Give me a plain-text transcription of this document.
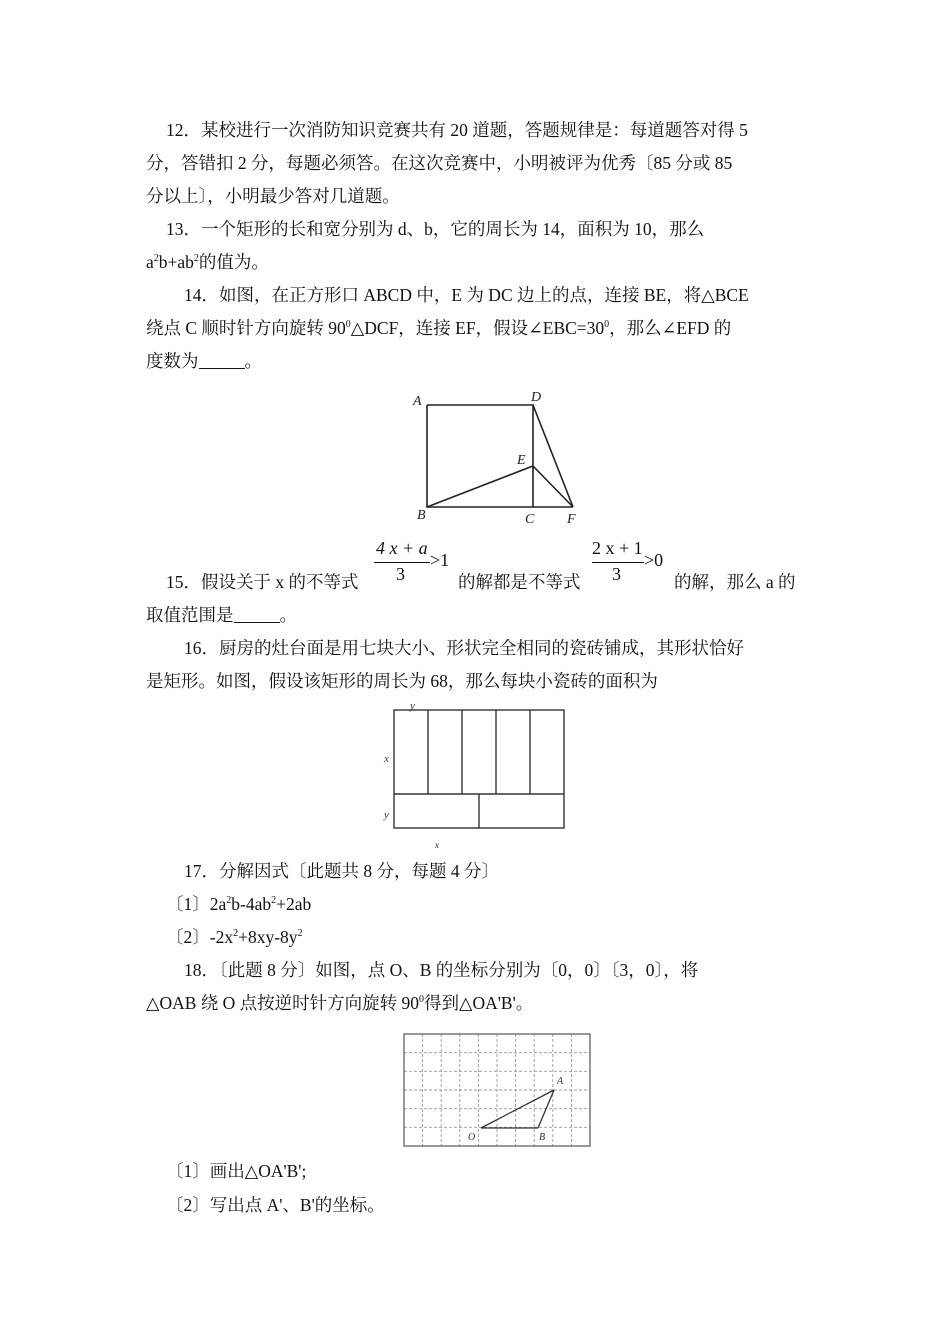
12．某校进行一次消防知识竞赛共有 20 道题，答题规律是：每道题答对得 5
分，答错扣 2 分，每题必须答。在这次竞赛中，小明被评为优秀〔85 分或 85
分以上〕，小明最少答对几道题。
13．一个矩形的长和宽分别为 d、b，它的周长为 14，面积为 10，那么
$a^2b+ab^2$的值为。
14．如图，在正方形口 ABCD 中，E 为 DC 边上的点，连接 BE，将△BCE
绕点 C 顺时针方向旋转 $90^0\triangle DCF$，连接 EF，假设$\angle EBC=30^0$，那么∠EFD 的
度数为	。
A	D
E
B	C F
15．假设关于 x 的不等式
4 x + a
3
>1
的解都是不等式
2 x + 1
3
>0
的解，那么 a 的
取值范围是	。
16．厨房的灶台面是用七块大小、形状完全相同的瓷砖铺成，其形状恰好
是矩形。如图，假设该矩形的周长为 68，那么每块小瓷砖的面积为
y
x
y
x
17．分解因式〔此题共 8 分，每题 4 分〕
〔1〕$2a^2b-4ab^2+2ab$
〔2〕$-2x^2+8xy-8y^2$
18．〔此题 8 分〕如图，点 O、B 的坐标分别为〔0，0〕〔3，0〕，将
△OAB 绕 O 点按逆时针方向旋转 $90^0$得到△OA'B'。
A
O	B
〔1〕画出△OA'B';
〔2〕写出点 A'、B'的坐标。
